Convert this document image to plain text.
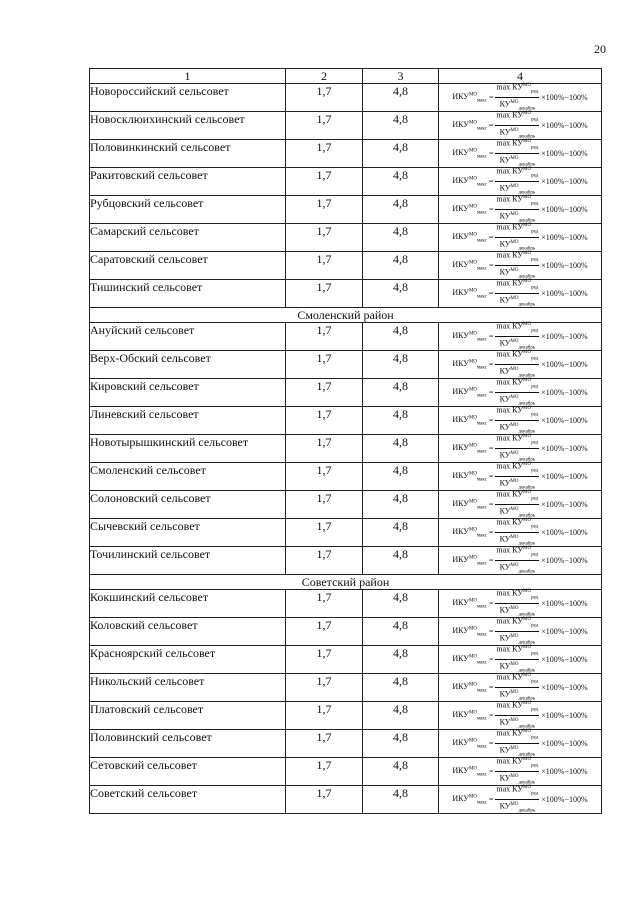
20
1	2	3	4
Новороссийский сельсовет	1,7	4,8	$ИКУ^{МО}_{макс} = \frac{\max КУ^{МО}_{ред}}{КУ^{МО}_{декабрь}} \times 100\%-100\%$

Новосклюихинский сельсовет	1,7	4,8	$ИКУ^{МО}_{макс} = \frac{\max КУ^{МО}_{ред}}{КУ^{МО}_{декабрь}} \times 100\%-100\%$

Половинкинский сельсовет	1,7	4,8	$ИКУ^{МО}_{макс} = \frac{\max КУ^{МО}_{ред}}{КУ^{МО}_{декабрь}} \times 100\%-100\%$

Ракитовский сельсовет	1,7	4,8	$ИКУ^{МО}_{макс} = \frac{\max КУ^{МО}_{ред}}{КУ^{МО}_{декабрь}} \times 100\%-100\%$

Рубцовский сельсовет	1,7	4,8	$ИКУ^{МО}_{макс} = \frac{\max КУ^{МО}_{ред}}{КУ^{МО}_{декабрь}} \times 100\%-100\%$

Самарский сельсовет	1,7	4,8	$ИКУ^{МО}_{макс} = \frac{\max КУ^{МО}_{ред}}{КУ^{МО}_{декабрь}} \times 100\%-100\%$

Саратовский сельсовет	1,7	4,8	$ИКУ^{МО}_{макс} = \frac{\max КУ^{МО}_{ред}}{КУ^{МО}_{декабрь}} \times 100\%-100\%$

Тишинский сельсовет	1,7	4,8	$ИКУ^{МО}_{макс} = \frac{\max КУ^{МО}_{ред}}{КУ^{МО}_{декабрь}} \times 100\%-100\%$

Смоленский район			
Ануйский сельсовет	1,7	4,8	$ИКУ^{МО}_{макс} = \frac{\max КУ^{МО}_{ред}}{КУ^{МО}_{декабрь}} \times 100\%-100\%$

Верх-Обский сельсовет	1,7	4,8	$ИКУ^{МО}_{макс} = \frac{\max КУ^{МО}_{ред}}{КУ^{МО}_{декабрь}} \times 100\%-100\%$

Кировский сельсовет	1,7	4,8	$ИКУ^{МО}_{макс} = \frac{\max КУ^{МО}_{ред}}{КУ^{МО}_{декабрь}} \times 100\%-100\%$

Линевский сельсовет	1,7	4,8	$ИКУ^{МО}_{макс} = \frac{\max КУ^{МО}_{ред}}{КУ^{МО}_{декабрь}} \times 100\%-100\%$

Новотырышкинский сельсовет	1,7	4,8	$ИКУ^{МО}_{макс} = \frac{\max КУ^{МО}_{ред}}{КУ^{МО}_{декабрь}} \times 100\%-100\%$

Смоленский сельсовет	1,7	4,8	$ИКУ^{МО}_{макс} = \frac{\max КУ^{МО}_{ред}}{КУ^{МО}_{декабрь}} \times 100\%-100\%$

Солоновский сельсовет	1,7	4,8	$ИКУ^{МО}_{макс} = \frac{\max КУ^{МО}_{ред}}{КУ^{МО}_{декабрь}} \times 100\%-100\%$

Сычевский сельсовет	1,7	4,8	$ИКУ^{МО}_{макс} = \frac{\max КУ^{МО}_{ред}}{КУ^{МО}_{декабрь}} \times 100\%-100\%$

Точилинский сельсовет	1,7	4,8	$ИКУ^{МО}_{макс} = \frac{\max КУ^{МО}_{ред}}{КУ^{МО}_{декабрь}} \times 100\%-100\%$

Советский район			
Кокшинский сельсовет	1,7	4,8	$ИКУ^{МО}_{макс} = \frac{\max КУ^{МО}_{ред}}{КУ^{МО}_{декабрь}} \times 100\%-100\%$

Коловский сельсовет	1,7	4,8	$ИКУ^{МО}_{макс} = \frac{\max КУ^{МО}_{ред}}{КУ^{МО}_{декабрь}} \times 100\%-100\%$

Красноярский сельсовет	1,7	4,8	$ИКУ^{МО}_{макс} = \frac{\max КУ^{МО}_{ред}}{КУ^{МО}_{декабрь}} \times 100\%-100\%$

Никольский сельсовет	1,7	4,8	$ИКУ^{МО}_{макс} = \frac{\max КУ^{МО}_{ред}}{КУ^{МО}_{декабрь}} \times 100\%-100\%$

Платовский сельсовет	1,7	4,8	$ИКУ^{МО}_{макс} = \frac{\max КУ^{МО}_{ред}}{КУ^{МО}_{декабрь}} \times 100\%-100\%$

Половинский сельсовет	1,7	4,8	$ИКУ^{МО}_{макс} = \frac{\max КУ^{МО}_{ред}}{КУ^{МО}_{декабрь}} \times 100\%-100\%$

Сетовский сельсовет	1,7	4,8	$ИКУ^{МО}_{макс} = \frac{\max КУ^{МО}_{ред}}{КУ^{МО}_{декабрь}} \times 100\%-100\%$

Советский сельсовет	1,7	4,8	$ИКУ^{МО}_{макс} = \frac{\max КУ^{МО}_{ред}}{КУ^{МО}_{декабрь}} \times 100\%-100\%$
